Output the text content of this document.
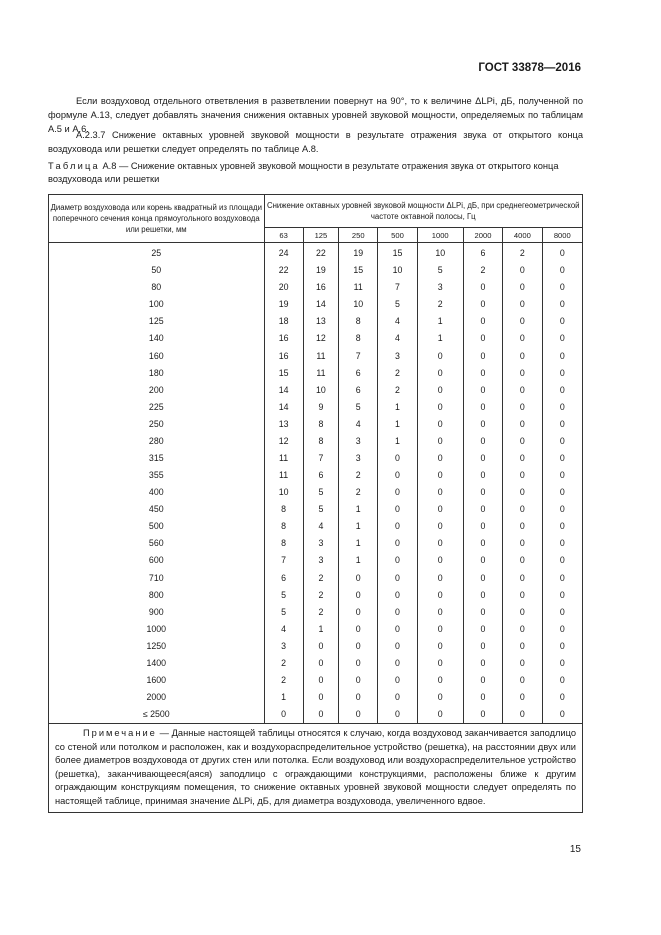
ГОСТ 33878—2016
Если воздуховод отдельного ответвления в разветвлении повернут на 90°, то к величине ΔLPi, дБ, полученной по формуле А.13, следует добавлять значения снижения октавных уровней звуковой мощности, определяемых по таблицам А.5 и А.6.
А.2.3.7 Снижение октавных уровней звуковой мощности в результате отражения звука от открытого конца воздуховода или решетки следует определять по таблице А.8.
Таблица А.8 — Снижение октавных уровней звуковой мощности в результате отражения звука от открытого конца воздуховода или решетки
Диаметр воздуховода или корень квадратный из площади поперечного сечения конца прямоугольного воздуховода или решетки, мм	Снижение октавных уровней звуковой мощности ΔLPi, дБ, при среднегеометрической частоте октавной полосы, Гц							
	63	125	250	500	1000	2000	4000	8000
25	24	22	19	15	10	6	2	0
50	22	19	15	10	5	2	0	0
80	20	16	11	7	3	0	0	0
100	19	14	10	5	2	0	0	0
125	18	13	8	4	1	0	0	0
140	16	12	8	4	1	0	0	0
160	16	11	7	3	0	0	0	0
180	15	11	6	2	0	0	0	0
200	14	10	6	2	0	0	0	0
225	14	9	5	1	0	0	0	0
250	13	8	4	1	0	0	0	0
280	12	8	3	1	0	0	0	0
315	11	7	3	0	0	0	0	0
355	11	6	2	0	0	0	0	0
400	10	5	2	0	0	0	0	0
450	8	5	1	0	0	0	0	0
500	8	4	1	0	0	0	0	0
560	8	3	1	0	0	0	0	0
600	7	3	1	0	0	0	0	0
710	6	2	0	0	0	0	0	0
800	5	2	0	0	0	0	0	0
900	5	2	0	0	0	0	0	0
1000	4	1	0	0	0	0	0	0
1250	3	0	0	0	0	0	0	0
1400	2	0	0	0	0	0	0	0
1600	2	0	0	0	0	0	0	0
2000	1	0	0	0	0	0	0	0
≤ 2500	0	0	0	0	0	0	0	0
Примечание — Данные настоящей таблицы относятся к случаю, когда воздуховод заканчивается заподлицо со стеной или потолком и расположен, как и воздухораспределительное устройство (решетка), на расстоянии двух или более диаметров воздуховода от других стен или потолка. Если воздуховод или воздухораспределительное устройство (решетка), заканчивающееся(аяся) заподлицо с ограждающими конструкциями, расположены ближе к другим ограждающим конструкциям помещения, то снижение октавных уровней звуковой мощности следует определять по настоящей таблице, принимая значение ΔLPi, дБ, для диаметра воздуховода, увеличенного вдвое.								
15
